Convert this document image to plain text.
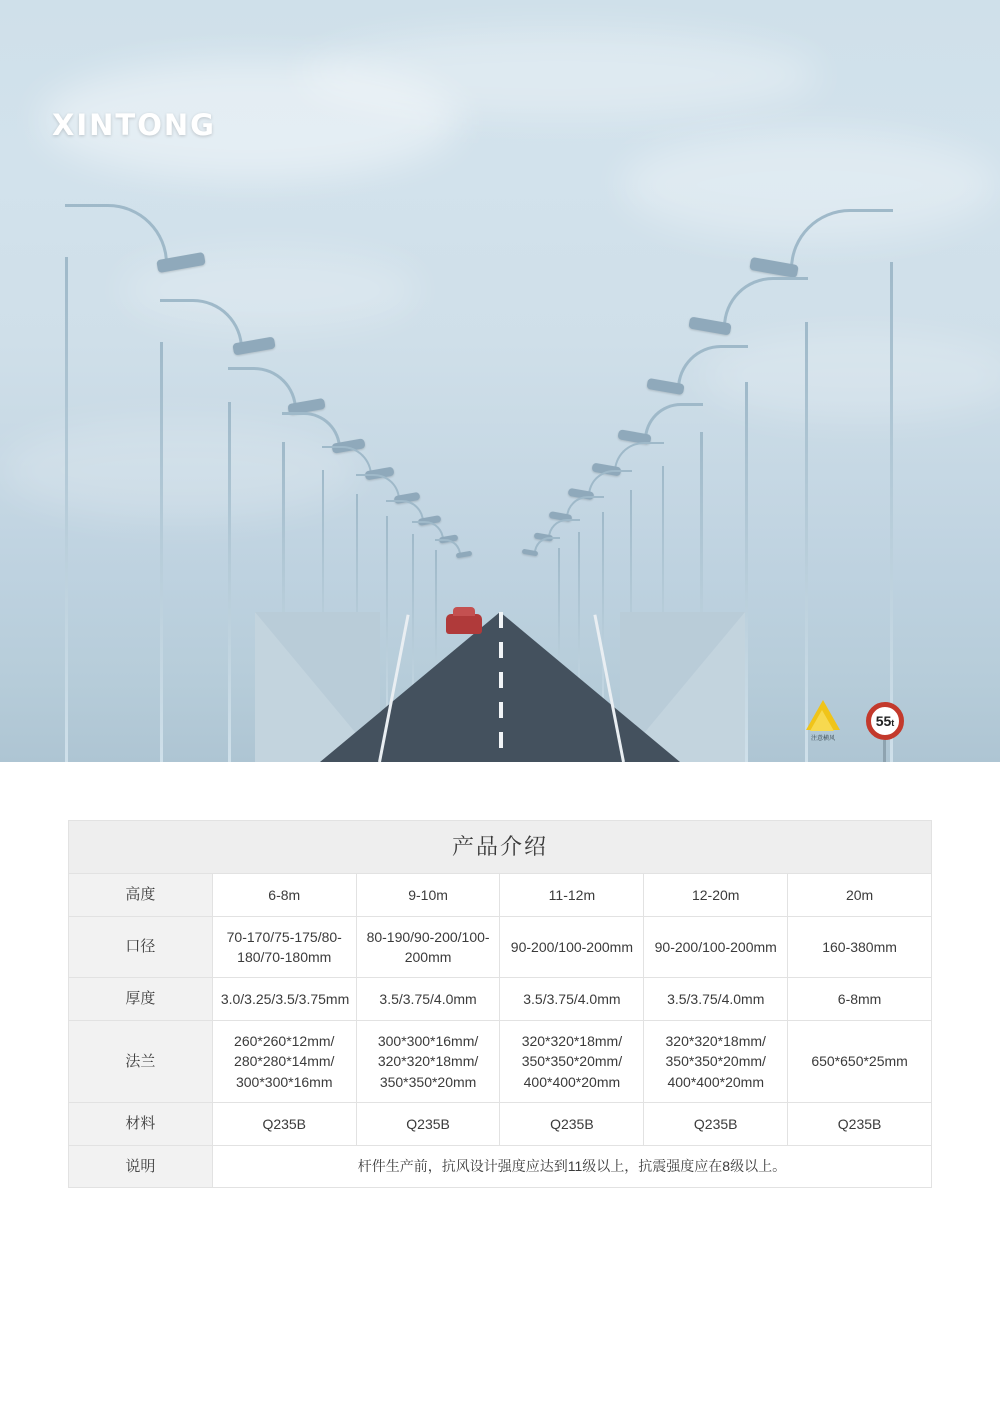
XINTONG
注意横风
55t
产品介绍					
高度	6-8m	9-10m	11-12m	12-20m	20m
口径	70-170/75-175/80-180/70-180mm	80-190/90-200/100-200mm	90-200/100-200mm	90-200/100-200mm	160-380mm
厚度	3.0/3.25/3.5/3.75mm	3.5/3.75/4.0mm	3.5/3.75/4.0mm	3.5/3.75/4.0mm	6-8mm
法兰	260*260*12mm/ 280*280*14mm/ 300*300*16mm	300*300*16mm/ 320*320*18mm/ 350*350*20mm	320*320*18mm/ 350*350*20mm/ 400*400*20mm	320*320*18mm/ 350*350*20mm/ 400*400*20mm	650*650*25mm
材料	Q235B	Q235B	Q235B	Q235B	Q235B
说明	杆件生产前，抗风设计强度应达到11级以上，抗震强度应在8级以上。				
